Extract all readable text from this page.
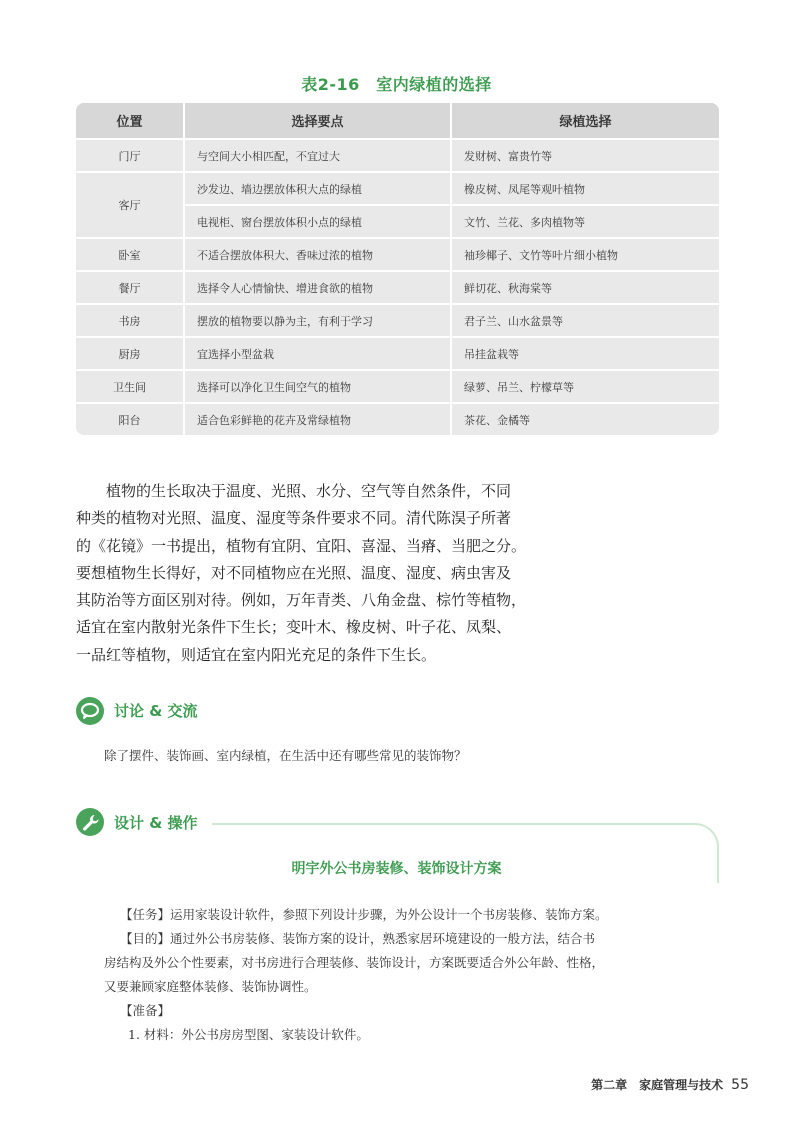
表2-16　室内绿植的选择
位置	选择要点	绿植选择
门厅	与空间大小相匹配，不宜过大	发财树、富贵竹等
客厅	沙发边、墙边摆放体积大点的绿植	橡皮树、凤尾等观叶植物
	电视柜、窗台摆放体积小点的绿植	文竹、兰花、多肉植物等
卧室	不适合摆放体积大、香味过浓的植物	袖珍椰子、文竹等叶片细小植物
餐厅	选择令人心情愉快、增进食欲的植物	鲜切花、秋海棠等
书房	摆放的植物要以静为主，有利于学习	君子兰、山水盆景等
厨房	宜选择小型盆栽	吊挂盆栽等
卫生间	选择可以净化卫生间空气的植物	绿萝、吊兰、柠檬草等
阳台	适合色彩鲜艳的花卉及常绿植物	茶花、金橘等

　　植物的生长取决于温度、光照、水分、空气等自然条件，不同

种类的植物对光照、温度、湿度等条件要求不同。清代陈淏子所著

的《花镜》一书提出，植物有宜阴、宜阳、喜湿、当瘠、当肥之分。

要想植物生长得好，对不同植物应在光照、温度、湿度、病虫害及

其防治等方面区别对待。例如，万年青类、八角金盘、棕竹等植物，

适宜在室内散射光条件下生长；变叶木、橡皮树、叶子花、凤梨、

一品红等植物，则适宜在室内阳光充足的条件下生长。

讨论 & 交流
除了摆件、装饰画、室内绿植，在生活中还有哪些常见的装饰物？
设计 & 操作
明宇外公书房装修、装饰设计方案
【任务】运用家装设计软件，参照下列设计步骤，为外公设计一个书房装修、装饰方案。
【目的】通过外公书房装修、装饰方案的设计，熟悉家居环境建设的一般方法，结合书
房结构及外公个性要素，对书房进行合理装修、装饰设计，方案既要适合外公年龄、性格，
又要兼顾家庭整体装修、装饰协调性。
【准备】
1. 材料：外公书房房型图、家装设计软件。
第二章　家庭管理与技术 55
